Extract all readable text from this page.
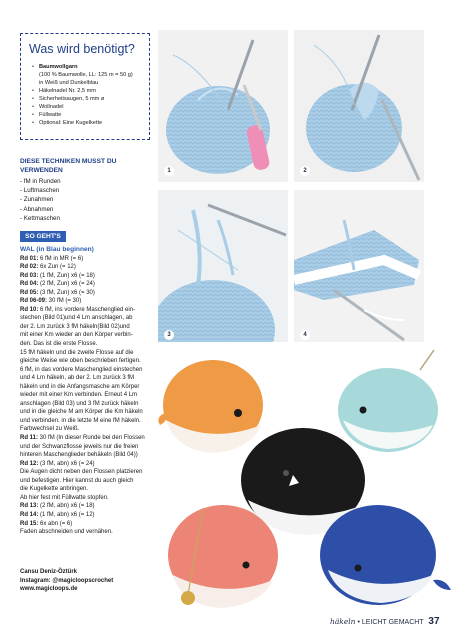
Was wird benötigt?
• Baumwollgarn
(100 % Baumwolle, LL: 125 m = 50 g)
in Weiß und Dunkelblau
• Häkelnadel Nr. 2,5 mm
• Sicherheitsaugen, 5 mm ø
• Wollnadel
• Füllwatte
• Optional: Eine Kugelkette
DIESE TECHNIKEN MUSST DU VERWENDEN
- fM in Runden
- Luftmaschen
- Zunahmen
- Abnahmen
- Kettmaschen
SO GEHT'S
WAL (in Blau beginnen)
Rd 01: 6 fM in MR (= 6)
Rd 02: 6x Zun (= 12)
Rd 03: (1 fM, Zun) x6 (= 18)
Rd 04: (2 fM, Zun) x6 (= 24)
Rd 05: (3 fM, Zun) x6 (= 30)
Rd 06-09: 30 fM (= 30)
Rd 10: 6 fM, ins vordere Maschenglied ein-
stechen (Bild 01)und 4 Lm anschlagen, ab
der 2. Lm zurück 3 fM häkeln(Bild 02)und
mit einer Km wieder an den Körper verbin-
den. Das ist die erste Flosse.
15 fM häkeln und die zweite Flosse auf die
gleiche Weise wie oben beschrieben fertigen.
6 fM, in das vordere Maschenglied einstechen
und 4 Lm häkeln, ab der 2. Lm zurück 3 fM
häkeln und in die Anfangsmasche am Körper
wieder mit einer Km verbinden. Erneut 4 Lm
anschlagen (Bild 03) und 3 fM zurück häkeln
und in die gleiche M am Körper die Km häkeln
und verbinden. in die letzte M eine fM häkeln.
Farbwechsel zu Weiß.
Rd 11: 30 fM (In dieser Runde bei den Flossen
und der Schwanzflosse jeweils nur die freien
hinteren Maschenglieder behäkeln (Bild 04))
Rd 12: (3 fM, abn) x6 (= 24)
Die Augen dicht neben den Flossen platzieren
und befestigen. Hier kannst du auch gleich
die Kugelkette anbringen.
Ab hier fest mit Füllwatte stopfen.
Rd 13: (2 fM, abn) x6 (= 18)
Rd 14: (1 fM, abn) x6 (= 12)
Rd 15: 6x abn (= 6)
Faden abschneiden und vernähen.
Cansu Deniz-Öztürk
Instagram: @magicloopscrochet
www.magicloops.de
1	2
3	4
häkeln • LEICHT GEMACHT 37
